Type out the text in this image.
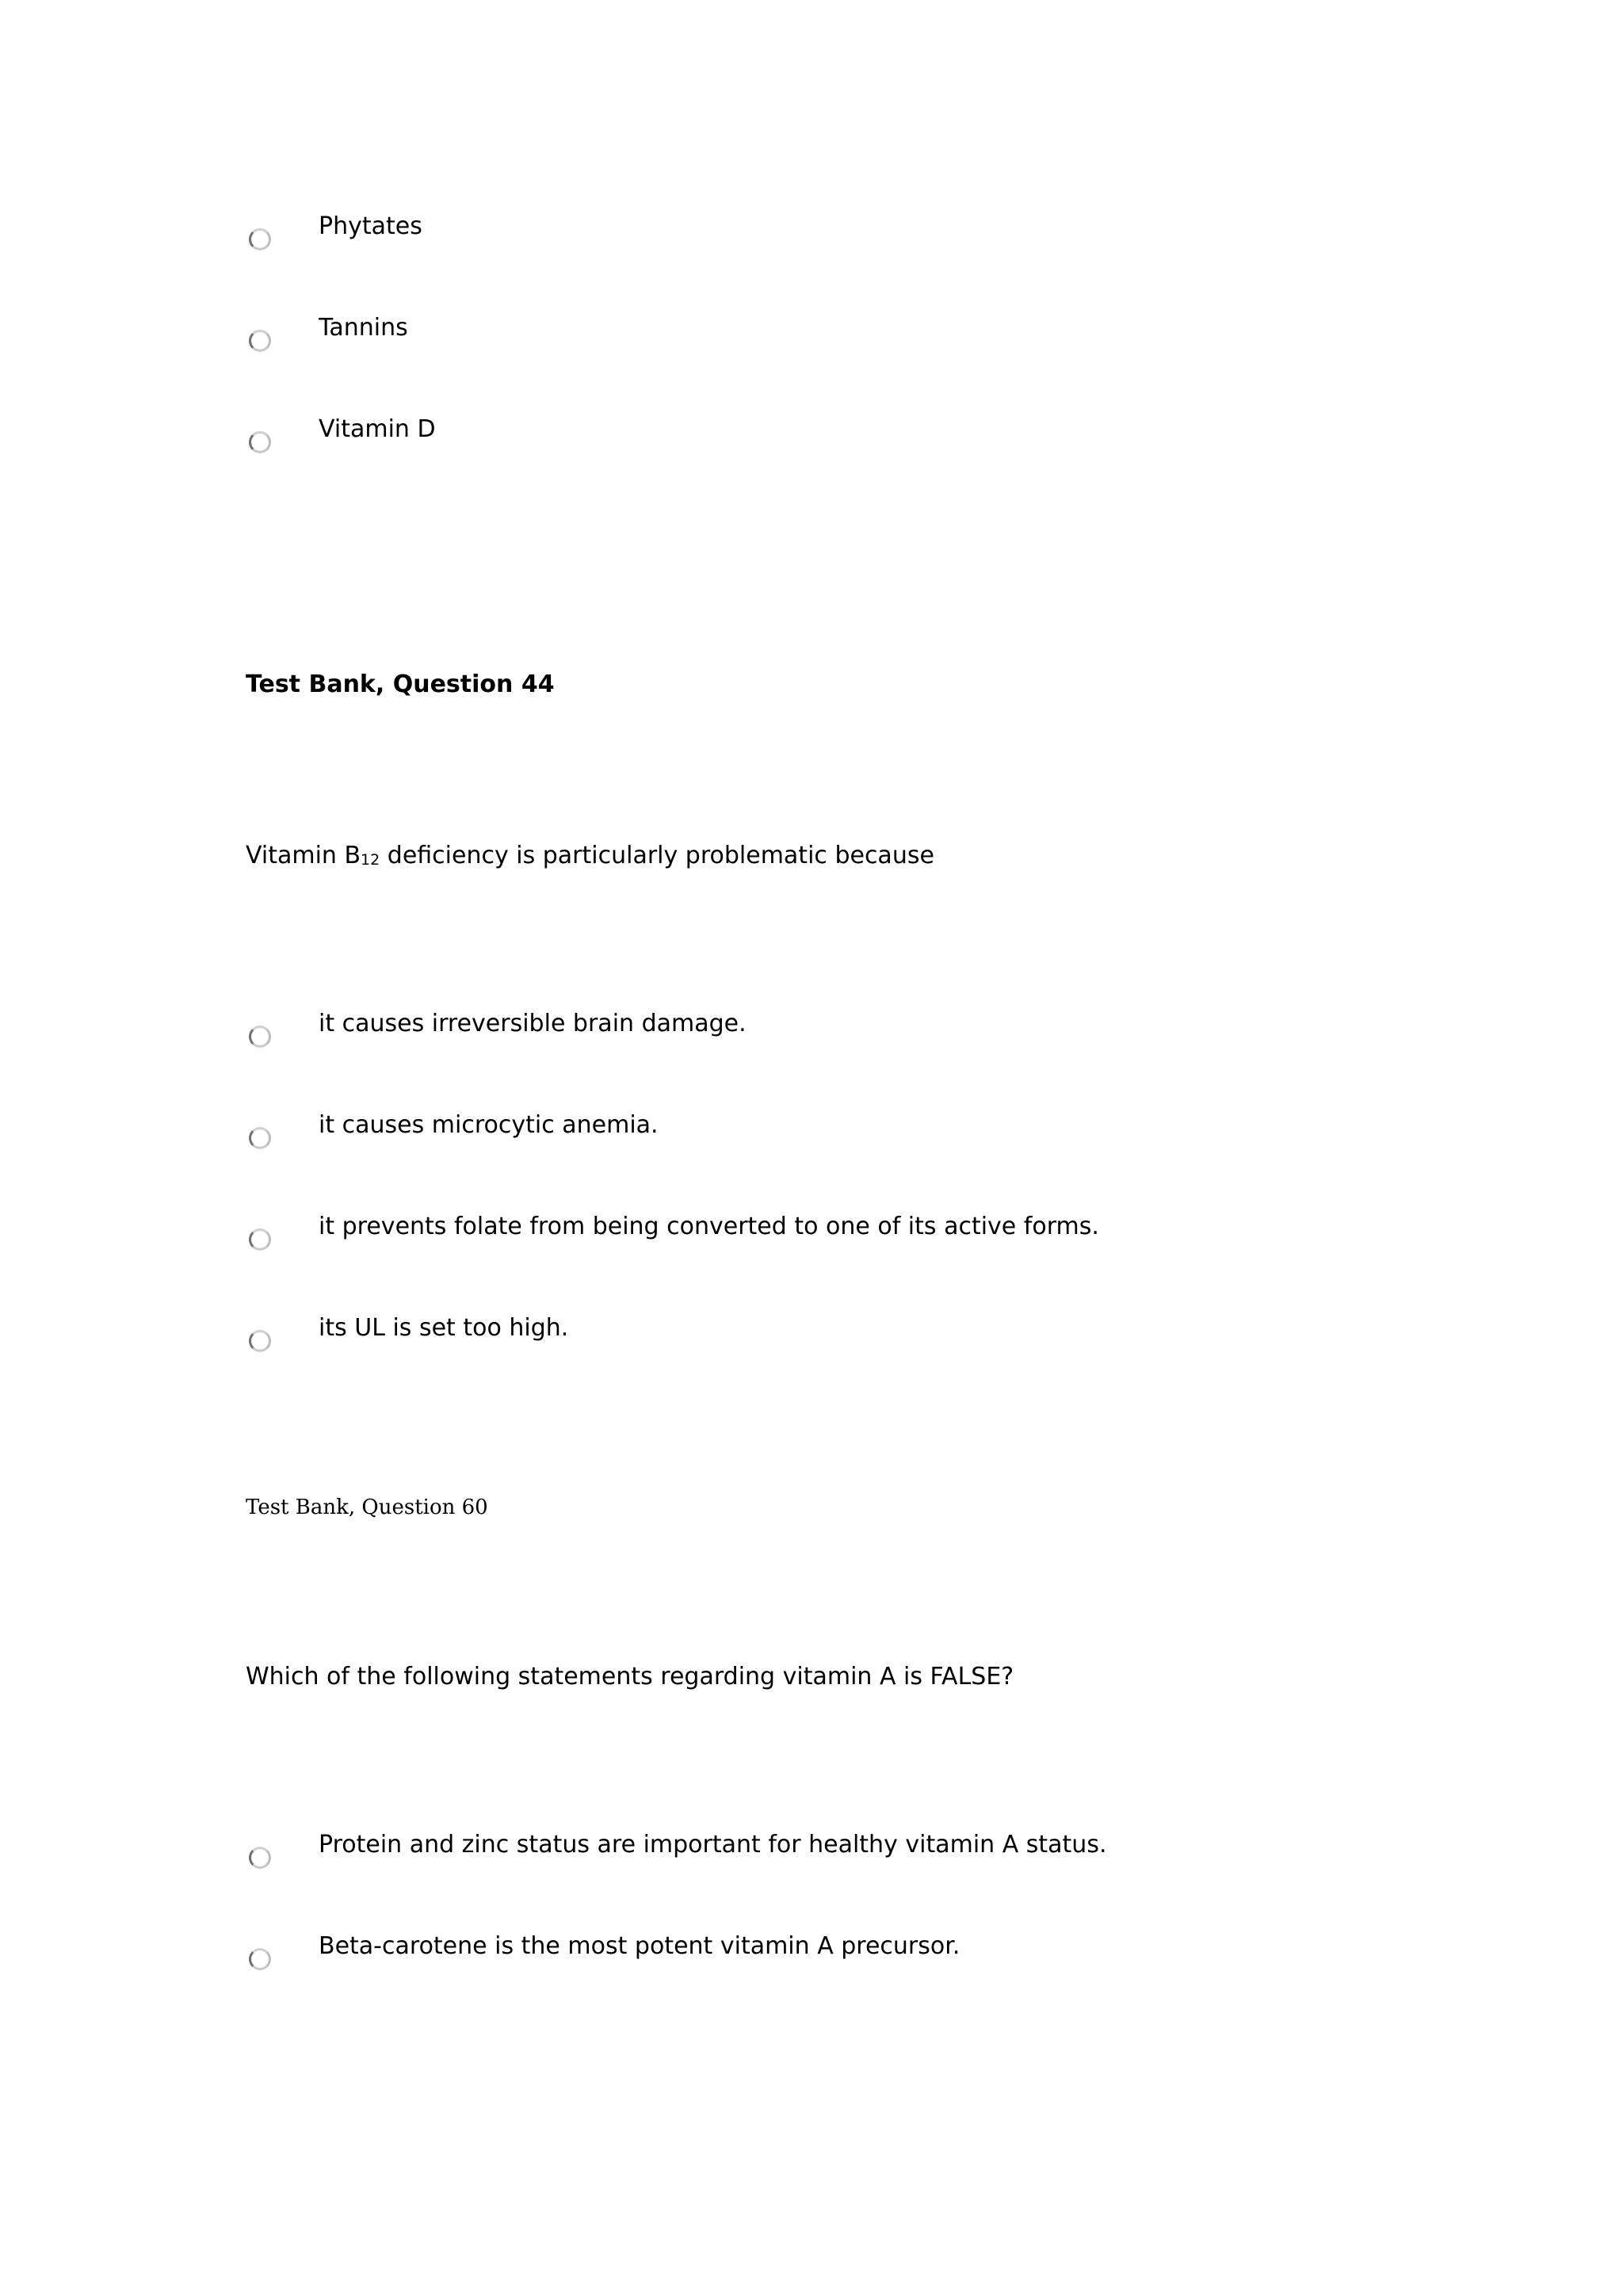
Phytates
Tannins
Vitamin D
Test Bank, Question 44
Vitamin $B_{12}$ deficiency is particularly problematic because
it causes irreversible brain damage.
it causes microcytic anemia.
it prevents folate from being converted to one of its active forms.
its UL is set too high.
Test Bank, Question 60
Which of the following statements regarding vitamin A is FALSE?
Protein and zinc status are important for healthy vitamin A status.
Beta-carotene is the most potent vitamin A precursor.
